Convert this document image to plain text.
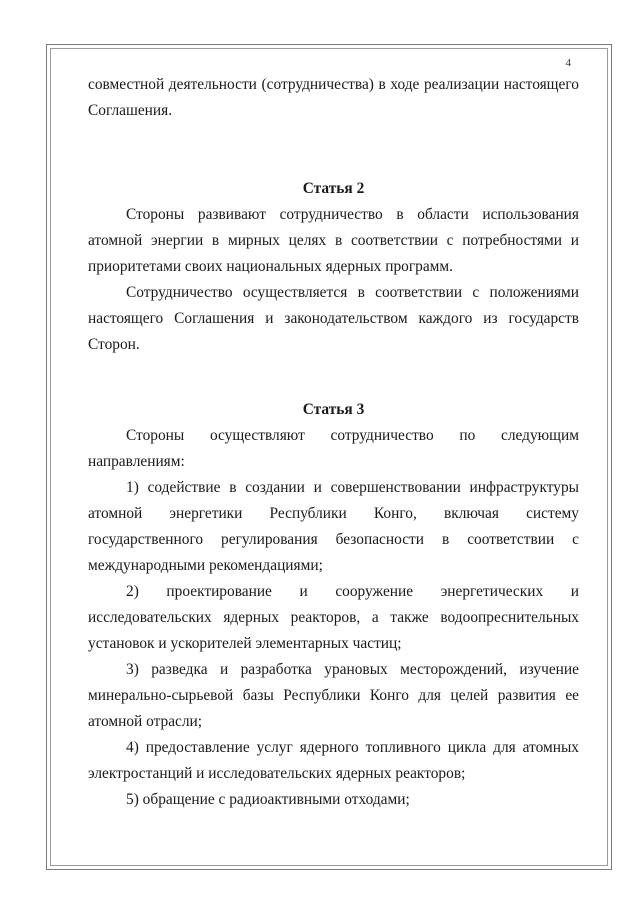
4

совместной деятельности (сотрудничества) в ходе реализации настоящего Соглашения.

Статья 2

Стороны развивают сотрудничество в области использования атомной энергии в мирных целях в соответствии с потребностями и приоритетами своих национальных ядерных программ.

Сотрудничество осуществляется в соответствии с положениями настоящего Соглашения и законодательством каждого из государств Сторон.

Статья 3

Стороны осуществляют сотрудничество по следующим направлениям:

1) содействие в создании и совершенствовании инфраструктуры атомной энергетики Республики Конго, включая систему государственного регулирования безопасности в соответствии с международными рекомендациями;

2) проектирование и сооружение энергетических и исследовательских ядерных реакторов, а также водоопреснительных установок и ускорителей элементарных частиц;

3) разведка и разработка урановых месторождений, изучение минерально-сырьевой базы Республики Конго для целей развития ее атомной отрасли;

4) предоставление услуг ядерного топливного цикла для атомных электростанций и исследовательских ядерных реакторов;

5) обращение с радиоактивными отходами;
